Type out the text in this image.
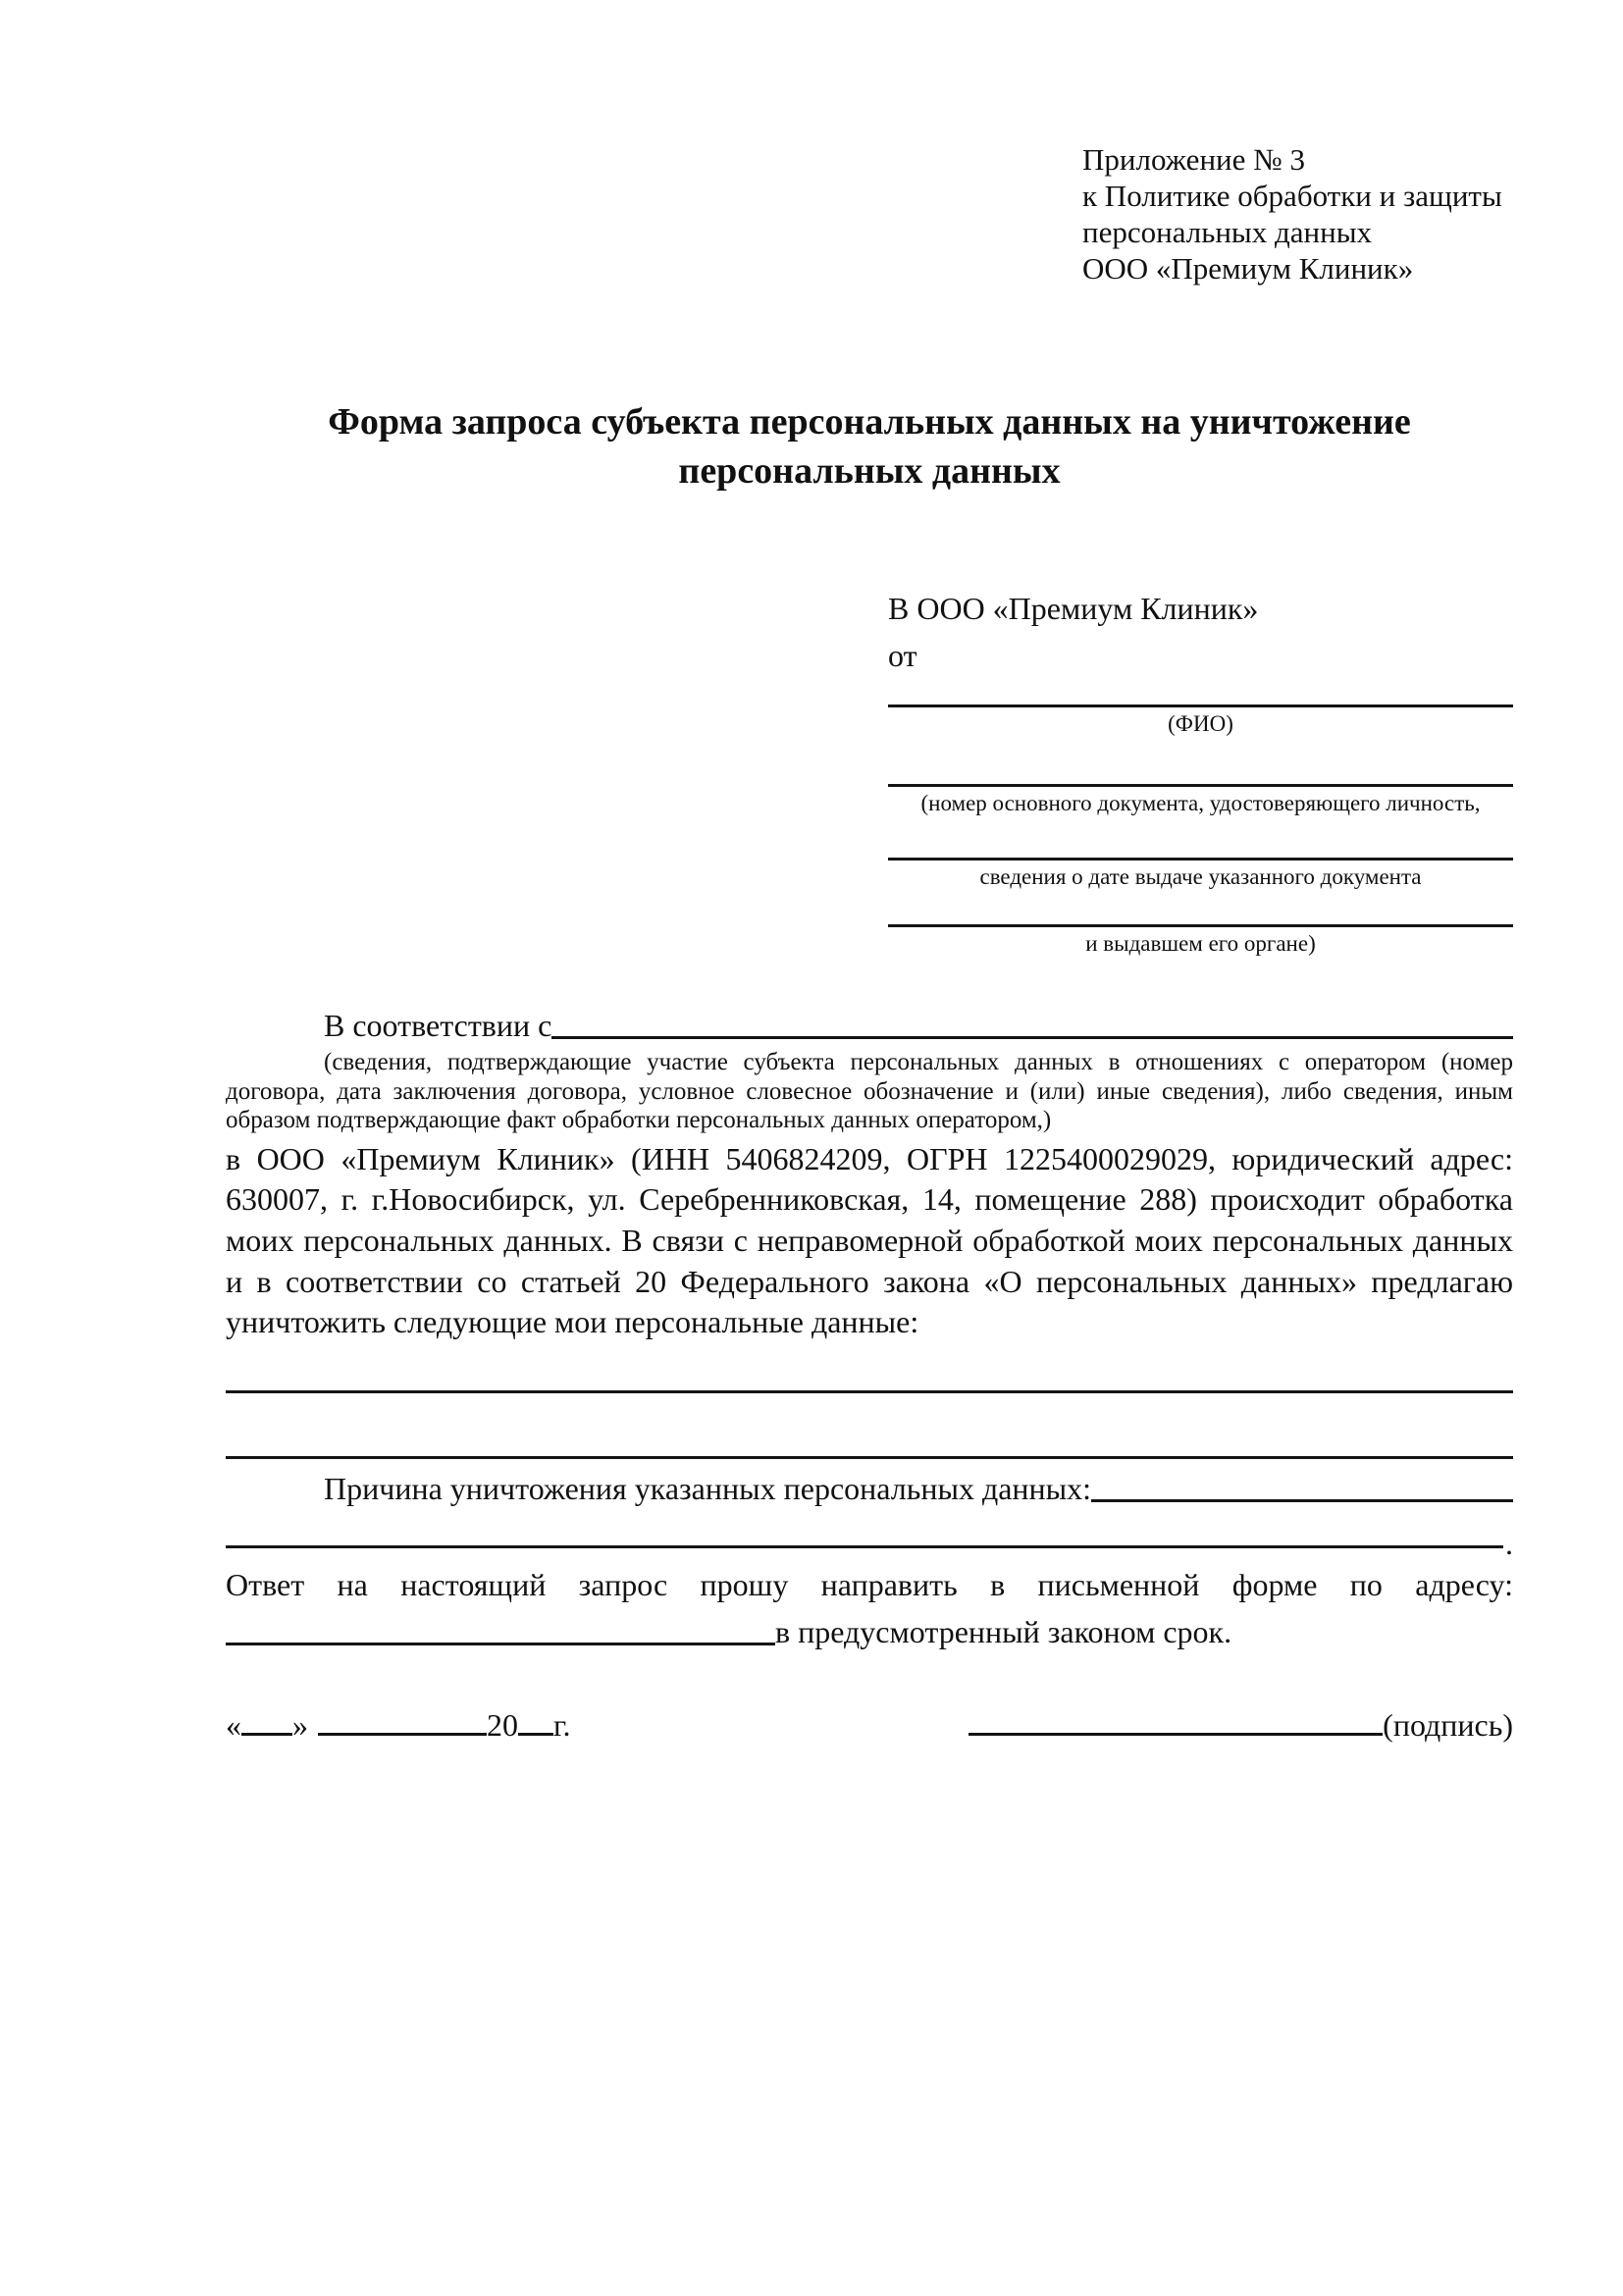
Приложение № 3
к Политике обработки и защиты
персональных данных
ООО «Премиум Клиник»
Форма запроса субъекта персональных данных на уничтожение персональных данных
В ООО «Премиум Клиник»
от
(ФИО)
(номер основного документа, удостоверяющего личность,
сведения о дате выдаче указанного документа
и выдавшем его органе)
В соответствии с

(сведения, подтверждающие участие субъекта персональных данных в отношениях с оператором (номер договора, дата заключения договора, условное словесное обозначение и (или) иные сведения), либо сведения, иным образом подтверждающие факт обработки персональных данных оператором,)

в ООО «Премиум Клиник» (ИНН 5406824209, ОГРН 1225400029029, юридический адрес: 630007, г. г.Новосибирск, ул. Серебренниковская, 14, помещение 288) происходит обработка моих персональных данных. В связи с неправомерной обработкой моих персональных данных и в соответствии со статьей 20 Федерального закона «О персональных данных» предлагаю уничтожить следующие мои персональные данные:

Причина уничтожения указанных персональных данных:
.

Ответ на настоящий запрос прошу направить в письменной форме по адресу:

в предусмотренный законом срок.
« »	20 г.	(подпись)
